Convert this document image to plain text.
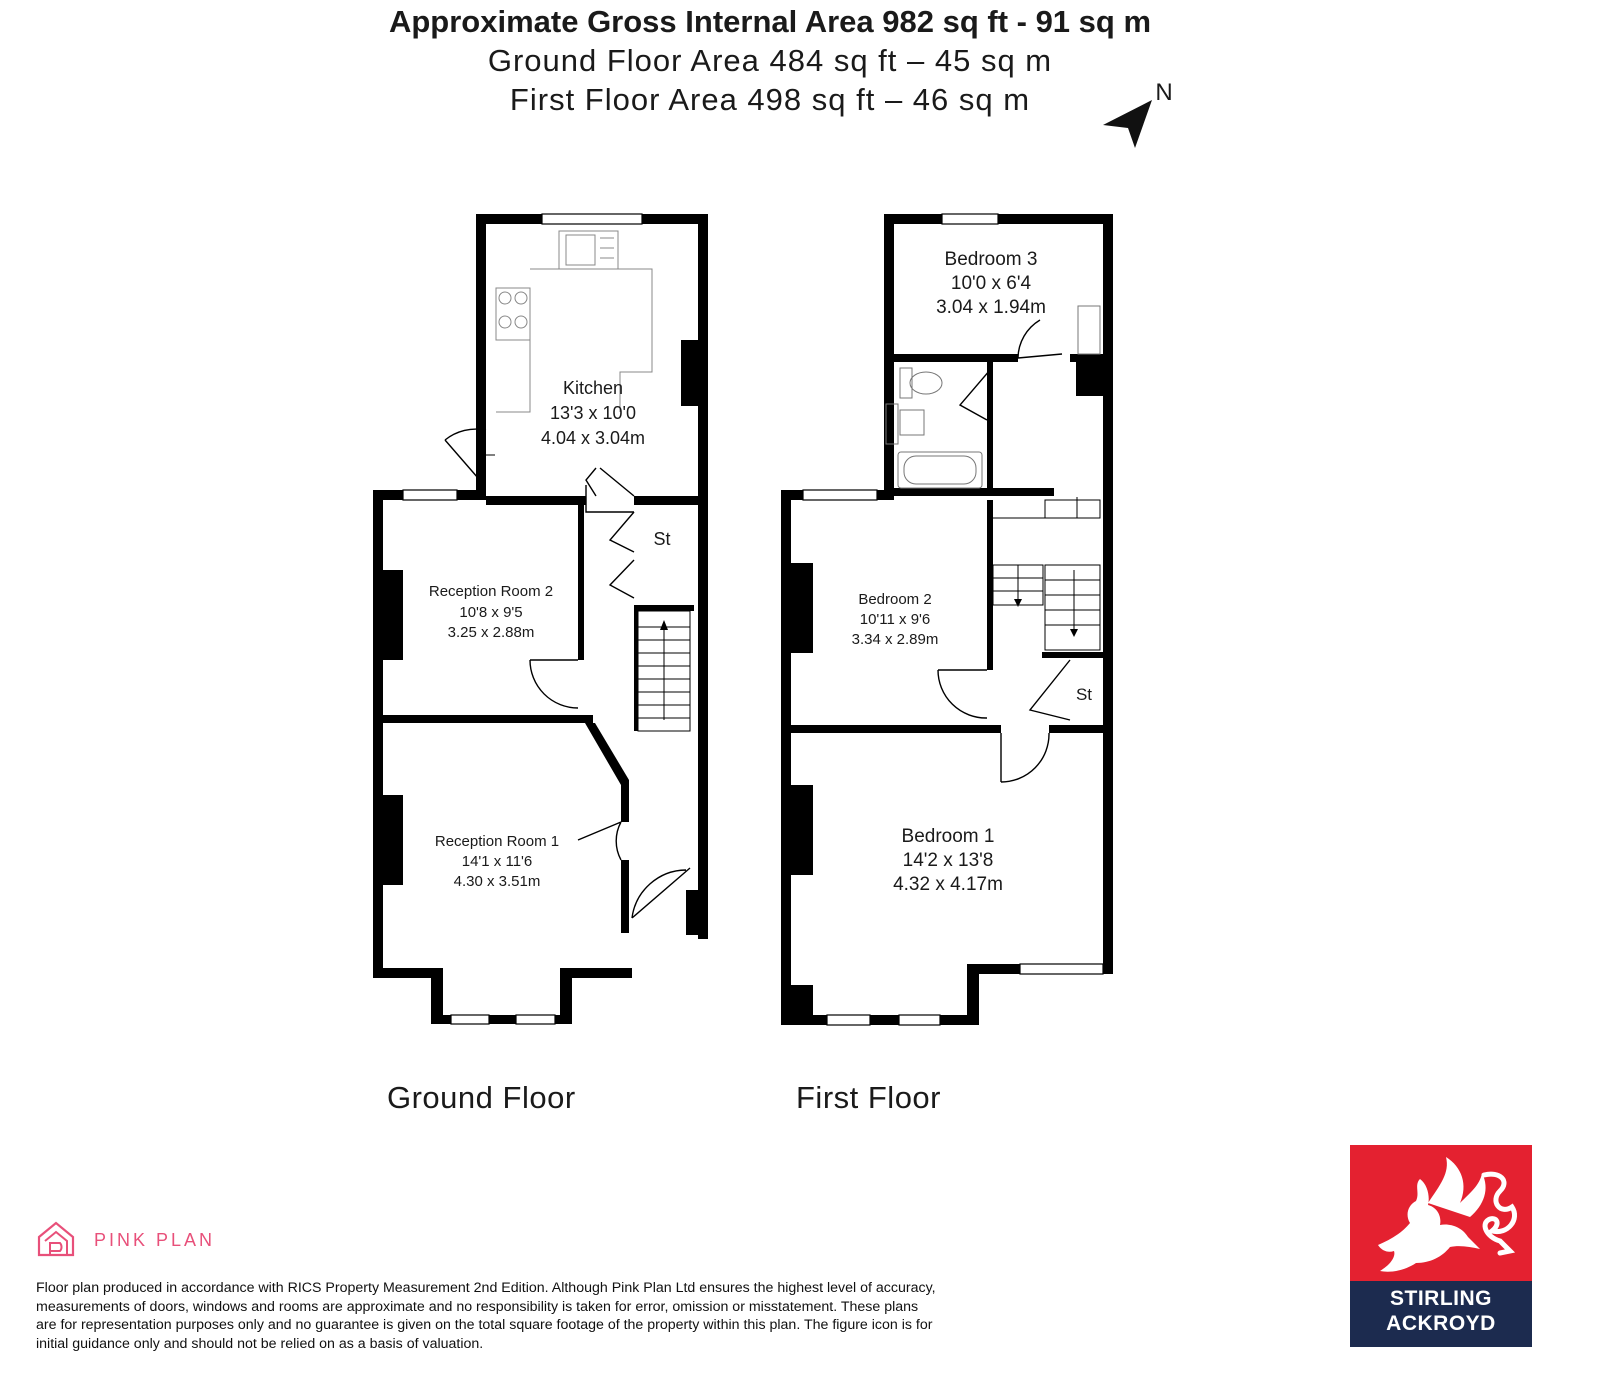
Approximate Gross Internal Area 982 sq ft - 91 sq m
Ground Floor Area 484 sq ft – 45 sq m
First Floor Area 498 sq ft – 46 sq m	N
Kitchen
13'3 x 10'0
4.04 x 3.04m
Reception Room 2
10'8 x 9'5
3.25 x 2.88m
Reception Room 1
14'1 x 11'6
4.30 x 3.51m
St
Bedroom 3
10'0 x 6'4
3.04 x 1.94m
Bedroom 2
10'11 x 9'6
3.34 x 2.89m
Bedroom 1
14'2 x 13'8
4.32 x 4.17m
St
Ground Floor	First Floor
PINK PLAN
Floor plan produced in accordance with RICS Property Measurement 2nd Edition. Although Pink Plan Ltd ensures the highest level of accuracy, measurements of doors, windows and rooms are approximate and no responsibility is taken for error, omission or misstatement. These plans are for representation purposes only and no guarantee is given on the total square footage of the property within this plan. The figure icon is for initial guidance only and should not be relied on as a basis of valuation.
STIRLING
ACKROYD
